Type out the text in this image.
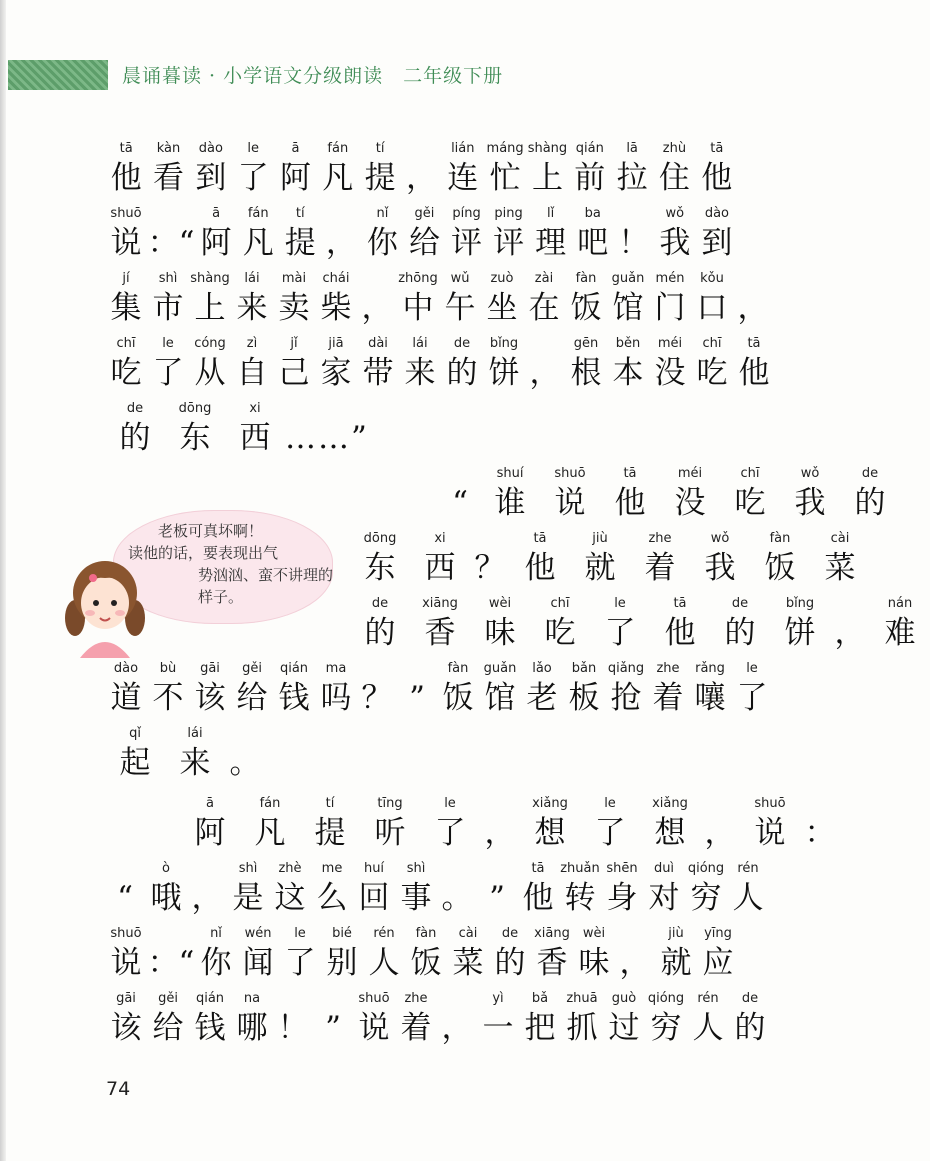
晨诵暮读 · 小学语文分级朗读　二年级下册
tā
他
kàn
看
dào
到
le
了
ā
阿
fán
凡
tí
提 ，
lián
连
máng
忙
shàng
上
qián
前
lā
拉
zhù
住
tā
他
shuō
说 ：“
ā
阿
fán
凡
tí
提 ，
nǐ
你
gěi
给
píng
评
ping
评
lǐ
理
ba
吧 ！
wǒ
我
dào
到
jí
集
shì
市
shàng
上
lái
来
mài
卖
chái
柴 ，
zhōng
中
wǔ
午
zuò
坐
zài
在
fàn
饭
guǎn
馆
mén
门
kǒu
口 ，
chī
吃
le
了
cóng
从
zì
自
jǐ
己
jiā
家
dài
带
lái
来
de
的
bǐng
饼 ，
gēn
根
běn
本
méi
没
chī
吃
tā
他
de
的
dōng
东
xi
西 ……”
“
shuí
谁
shuō
说
tā
他
méi
没
chī
吃
wǒ
我
de
的
dōng
东
xi
西 ？
tā
他
jiù
就
zhe
着
wǒ
我
fàn
饭
cài
菜
de
的
xiāng
香
wèi
味
chī
吃
le
了
tā
他
de
的
bǐng
饼 ，
nán
难
dào
道
bù
不
gāi
该
gěi
给
qián
钱
ma
吗 ？ ”
fàn
饭
guǎn
馆
lǎo
老
bǎn
板
qiǎng
抢
zhe
着
rǎng
嚷
le
了
qǐ
起
lái
来 。
ā
阿
fán
凡
tí
提
tīng
听
le
了 ，
xiǎng
想
le
了
xiǎng
想 ，
shuō
说 ：
“
ò
哦 ，
shì
是
zhè
这
me
么
huí
回
shì
事 。 ”
tā
他
zhuǎn
转
shēn
身
duì
对
qióng
穷
rén
人
shuō
说 ：“
nǐ
你
wén
闻
le
了
bié
别
rén
人
fàn
饭
cài
菜
de
的
xiāng
香
wèi
味 ，
jiù
就
yīng
应
gāi
该
gěi
给
qián
钱
na
哪 ！ ”
shuō
说
zhe
着 ，
yì
一
bǎ
把
zhuā
抓
guò
过
qióng
穷
rén
人
de
的
老板可真坏啊！
读他的话，要表现出气
势汹汹、蛮不讲理的
样子。
74
